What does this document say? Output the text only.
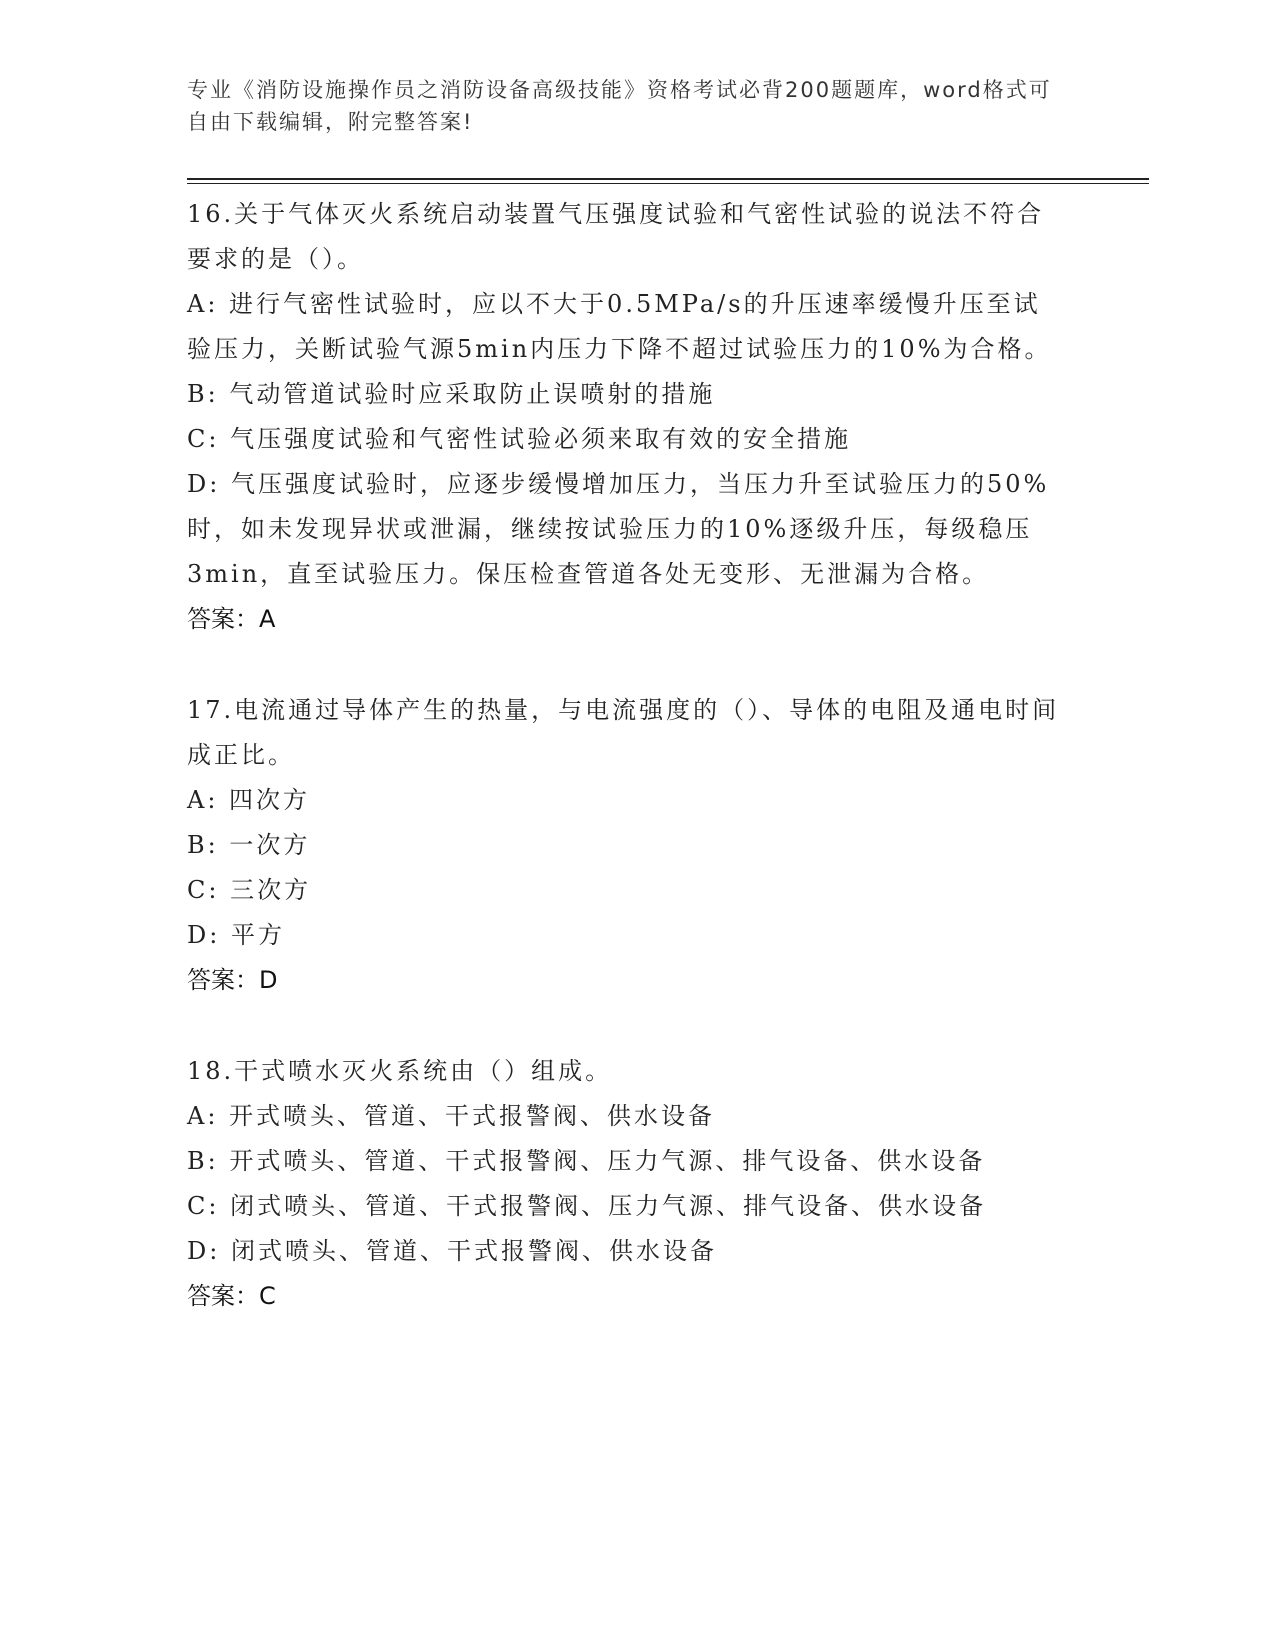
专业《消防设施操作员之消防设备高级技能》资格考试必背200题题库，word格式可自由下载编辑，附完整答案!
16.关于气体灭火系统启动装置气压强度试验和气密性试验的说法不符合要求的是（）。
A: 进行气密性试验时，应以不大于0.5MPa/s的升压速率缓慢升压至试验压力，关断试验气源5min内压力下降不超过试验压力的10%为合格。
B: 气动管道试验时应采取防止误喷射的措施
C: 气压强度试验和气密性试验必须来取有效的安全措施
D: 气压强度试验时，应逐步缓慢增加压力，当压力升至试验压力的50%时，如未发现异状或泄漏，继续按试验压力的10%逐级升压，每级稳压3min，直至试验压力。保压检查管道各处无变形、无泄漏为合格。
答案：A
17.电流通过导体产生的热量，与电流强度的（）、导体的电阻及通电时间成正比。
A: 四次方
B: 一次方
C: 三次方
D: 平方
答案：D
18.干式喷水灭火系统由（）组成。
A: 开式喷头、管道、干式报警阀、供水设备
B: 开式喷头、管道、干式报警阀、压力气源、排气设备、供水设备
C: 闭式喷头、管道、干式报警阀、压力气源、排气设备、供水设备
D: 闭式喷头、管道、干式报警阀、供水设备
答案：C
